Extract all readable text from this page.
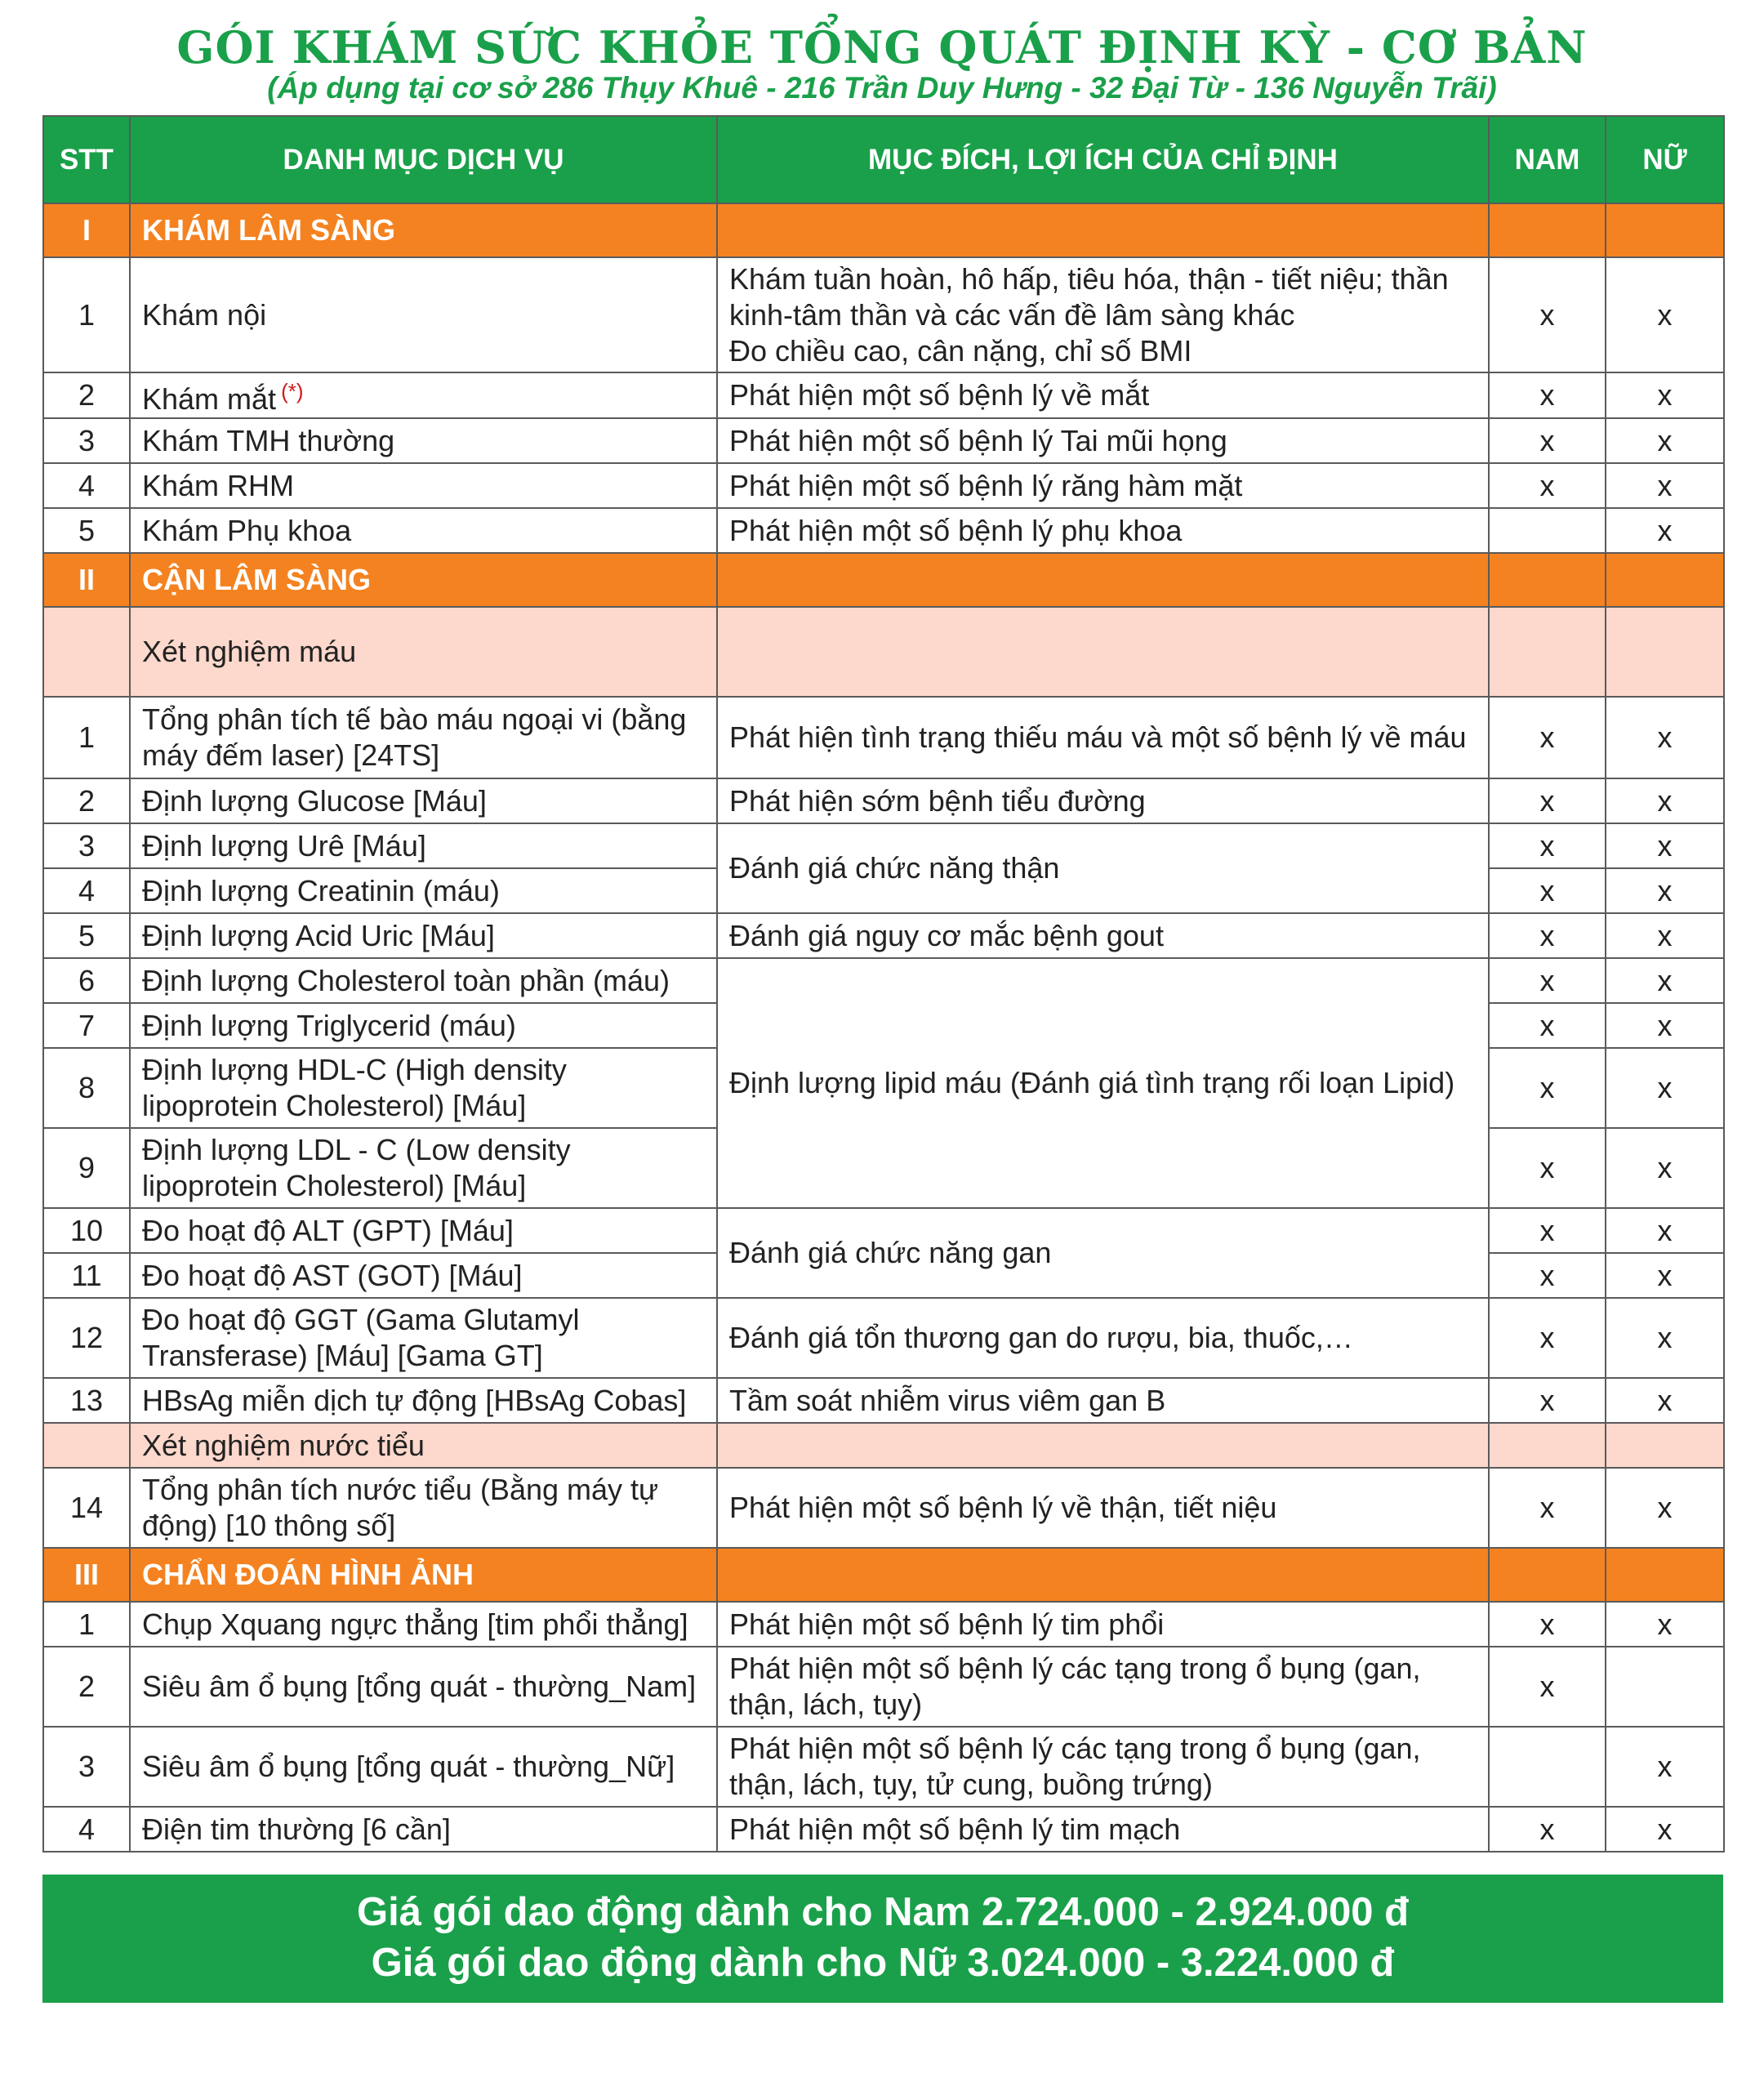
GÓI KHÁM SỨC KHỎE TỔNG QUÁT ĐỊNH KỲ - CƠ BẢN
(Áp dụng tại cơ sở 286 Thụy Khuê - 216 Trần Duy Hưng - 32 Đại Từ - 136 Nguyễn Trãi)
STT	DANH MỤC DỊCH VỤ	MỤC ĐÍCH, LỢI ÍCH CỦA CHỈ ĐỊNH	NAM	NỮ
I	KHÁM LÂM SÀNG			
1	Khám nội	Khám tuần hoàn, hô hấp, tiêu hóa, thận - tiết niệu; thần kinh-tâm thần và các vấn đề lâm sàng khác
Đo chiều cao, cân nặng, chỉ số BMI	x	x
2	Khám mắt (*)	Phát hiện một số bệnh lý về mắt	x	x
3	Khám TMH thường	Phát hiện một số bệnh lý Tai mũi họng	x	x
4	Khám RHM	Phát hiện một số bệnh lý răng hàm mặt	x	x
5	Khám Phụ khoa	Phát hiện một số bệnh lý phụ khoa		x
II	CẬN LÂM SÀNG			
	Xét nghiệm máu			
1	Tổng phân tích tế bào máu ngoại vi (bằng máy đếm laser) [24TS]	Phát hiện tình trạng thiếu máu và một số bệnh lý về máu	x	x
2	Định lượng Glucose [Máu]	Phát hiện sớm bệnh tiểu đường	x	x
3	Định lượng Urê [Máu]	Đánh giá chức năng thận	x	x
4	Định lượng Creatinin (máu)		x	x
5	Định lượng Acid Uric [Máu]	Đánh giá nguy cơ mắc bệnh gout	x	x
6	Định lượng Cholesterol toàn phần (máu)	Định lượng lipid máu (Đánh giá tình trạng rối loạn Lipid)	x	x
7	Định lượng Triglycerid (máu)		x	x
8	Định lượng HDL-C (High density lipoprotein Cholesterol) [Máu]		x	x
9	Định lượng LDL - C (Low density lipoprotein Cholesterol) [Máu]		x	x
10	Đo hoạt độ ALT (GPT) [Máu]	Đánh giá chức năng gan	x	x
11	Đo hoạt độ AST (GOT) [Máu]		x	x
12	Đo hoạt độ GGT (Gama Glutamyl Transferase) [Máu] [Gama GT]	Đánh giá tổn thương gan do rượu, bia, thuốc,…	x	x
13	HBsAg miễn dịch tự động [HBsAg Cobas]	Tầm soát nhiễm virus viêm gan B	x	x
	Xét nghiệm nước tiểu			
14	Tổng phân tích nước tiểu (Bằng máy tự động) [10 thông số]	Phát hiện một số bệnh lý về thận, tiết niệu	x	x
III	CHẨN ĐOÁN HÌNH ẢNH			
1	Chụp Xquang ngực thẳng [tim phổi thẳng]	Phát hiện một số bệnh lý tim phổi	x	x
2	Siêu âm ổ bụng [tổng quát - thường_Nam]	Phát hiện một số bệnh lý các tạng trong ổ bụng (gan, thận, lách, tụy)	x	
3	Siêu âm ổ bụng [tổng quát - thường_Nữ]	Phát hiện một số bệnh lý các tạng trong ổ bụng (gan, thận, lách, tụy, tử cung, buồng trứng)		x
4	Điện tim thường [6 cần]	Phát hiện một số bệnh lý tim mạch	x	x
Giá gói dao động dành cho Nam 2.724.000 - 2.924.000 đ
Giá gói dao động dành cho Nữ 3.024.000 - 3.224.000 đ
